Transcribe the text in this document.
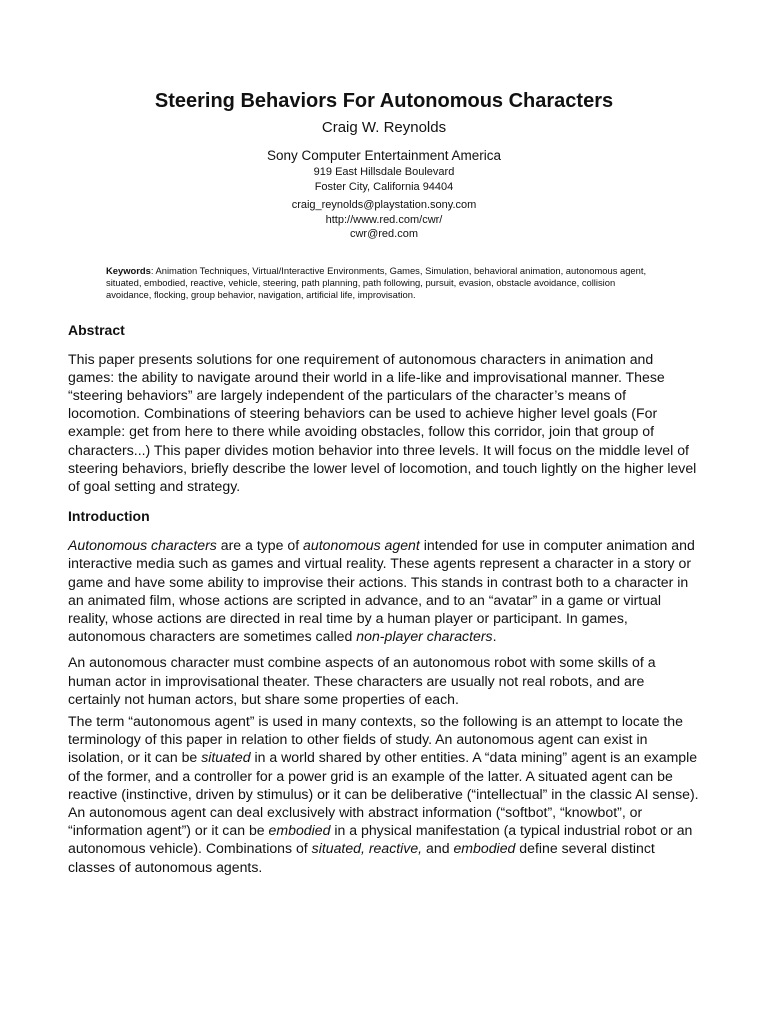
Steering Behaviors For Autonomous Characters
Craig W. Reynolds
Sony Computer Entertainment America
919 East Hillsdale Boulevard
Foster City, California 94404
craig_reynolds@playstation.sony.com
http://www.red.com/cwr/
cwr@red.com
Keywords: Animation Techniques, Virtual/Interactive Environments, Games, Simulation, behavioral animation, autonomous agent, situated, embodied, reactive, vehicle, steering, path planning, path following, pursuit, evasion, obstacle avoidance, collision avoidance, flocking, group behavior, navigation, artificial life, improvisation.
Abstract

This paper presents solutions for one requirement of autonomous characters in animation and games: the ability to navigate around their world in a life-like and improvisational manner. These “steering behaviors” are largely independent of the particulars of the character’s means of locomotion. Combinations of steering behaviors can be used to achieve higher level goals (For example: get from here to there while avoiding obstacles, follow this corridor, join that group of characters...) This paper divides motion behavior into three levels. It will focus on the middle level of steering behaviors, briefly describe the lower level of locomotion, and touch lightly on the higher level of goal setting and strategy.

Introduction

Autonomous characters are a type of autonomous agent intended for use in computer animation and interactive media such as games and virtual reality. These agents represent a character in a story or game and have some ability to improvise their actions. This stands in contrast both to a character in an animated film, whose actions are scripted in advance, and to an “avatar” in a game or virtual reality, whose actions are directed in real time by a human player or participant. In games, autonomous characters are sometimes called non-player characters.

An autonomous character must combine aspects of an autonomous robot with some skills of a human actor in improvisational theater. These characters are usually not real robots, and are certainly not human actors, but share some properties of each.

The term “autonomous agent” is used in many contexts, so the following is an attempt to locate the terminology of this paper in relation to other fields of study. An autonomous agent can exist in isolation, or it can be situated in a world shared by other entities. A “data mining” agent is an example of the former, and a controller for a power grid is an example of the latter. A situated agent can be reactive (instinctive, driven by stimulus) or it can be deliberative (“intellectual” in the classic AI sense). An autonomous agent can deal exclusively with abstract information (“softbot”, “knowbot”, or “information agent”) or it can be embodied in a physical manifestation (a typical industrial robot or an autonomous vehicle). Combinations of situated, reactive, and embodied define several distinct classes of autonomous agents.
